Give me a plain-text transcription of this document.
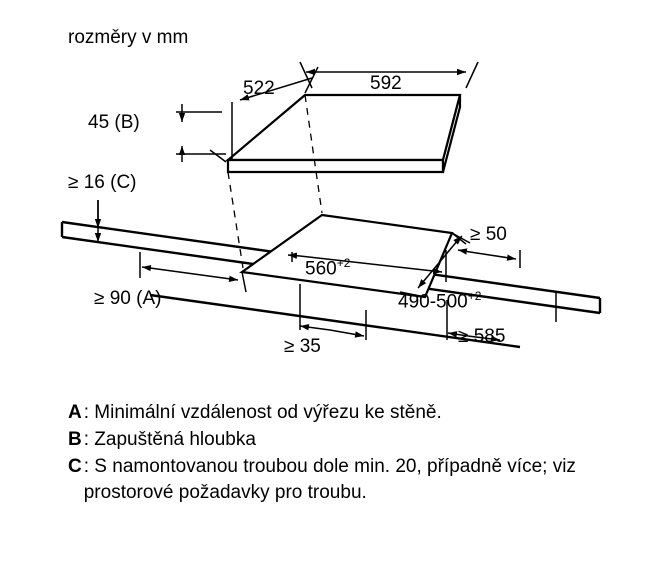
rozměry v mm
592
522
45 (B)
≥ 16 (C)
$560^{+2}$
$490-500^{+2}$
≥ 50
≥ 90 (A)
≥ 35	≥ 585
A : Minimální vzdálenost od výřezu ke stěně.
B : Zapuštěná hloubka
C : S namontovanou troubou dole min. 20, případně více; viz prostorové požadavky pro troubu.
